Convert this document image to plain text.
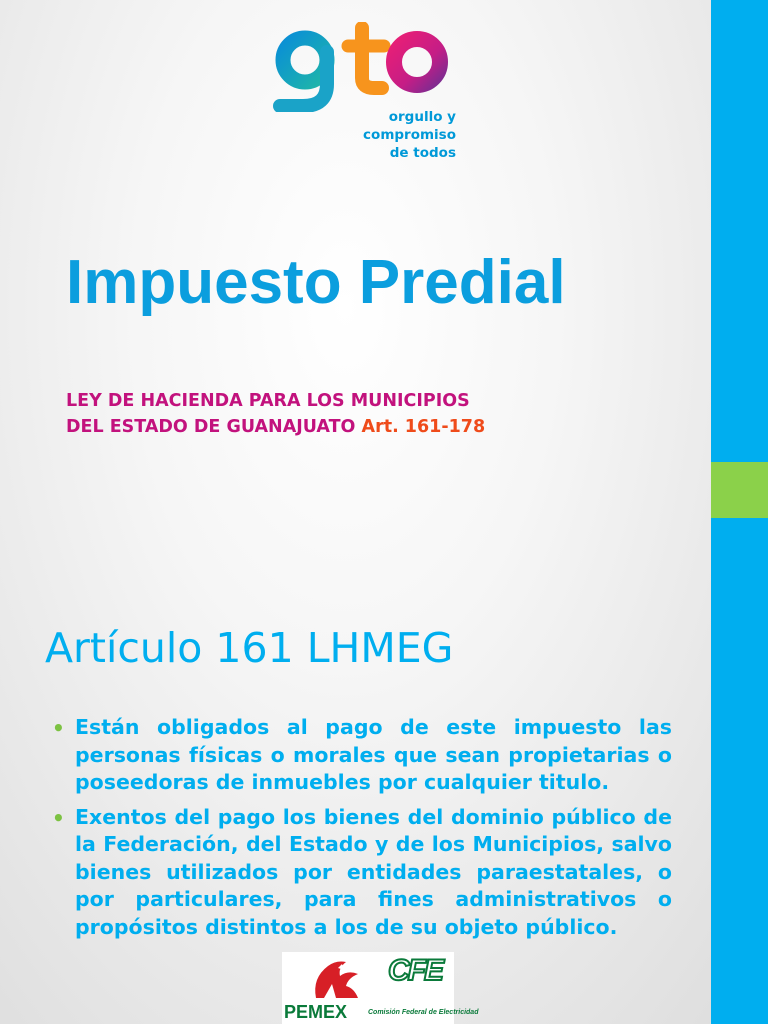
orgullo y
compromiso
de todos
Impuesto Predial

LEY DE HACIENDA PARA LOS MUNICIPIOS
DEL ESTADO DE GUANAJUATO Art. 161-178

Artículo 161 LHMEG
• Están obligados al pago de este impuesto las personas físicas o morales que sean propietarias o poseedoras de inmuebles por cualquier titulo.
• Exentos del pago los bienes del dominio público de la Federación, del Estado y de los Municipios, salvo bienes utilizados por entidades paraestatales, o por particulares, para fines administrativos o propósitos distintos a los de su objeto público.
PEMEX
CFE
Comisión Federal de Electricidad
